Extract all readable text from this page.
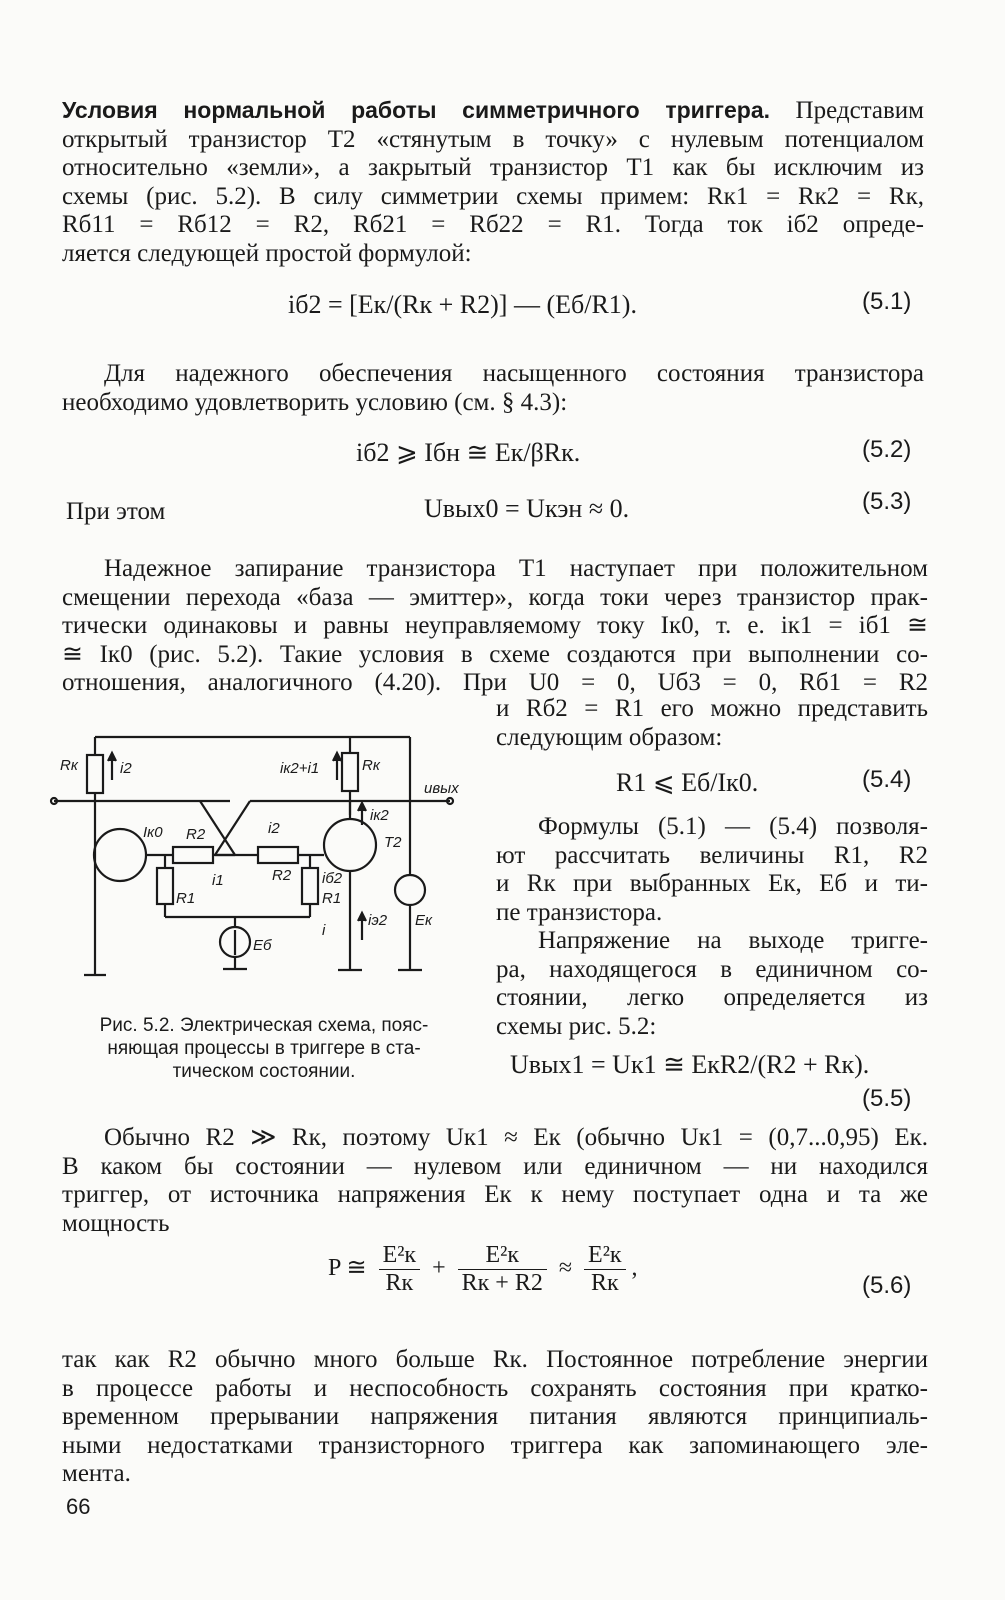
Условия нормальной работы симметричного триггера. Представим

открытый транзистор Т2 «стянутым в точку» с нулевым потенциалом

относительно «земли», а закрытый транзистор Т1 как бы исключим из

схемы (рис. 5.2). В силу симметрии схемы примем: Rк1 = Rк2 = Rк,

Rб11 = Rб12 = R2, Rб21 = Rб22 = R1. Тогда ток iб2 опреде-

ляется следующей простой формулой:

iб2 = [Eк/(Rк + R2)] — (Eб/R1).	(5.1)

Для надежного обеспечения насыщенного состояния транзистора

необходимо удовлетворить условию (см. § 4.3):

iб2 ⩾ Iбн ≅ Eк/βRк.	(5.2)
При этом	Uвых0 = Uкэн ≈ 0.	(5.3)

Надежное запирание транзистора Т1 наступает при положительном

смещении перехода «база — эмиттер», когда токи через транзистор прак-

тически одинаковы и равны неуправляемому току Iк0, т. е. iк1 = iб1 ≅

≅ Iк0 (рис. 5.2). Такие условия в схеме создаются при выполнении со-

отношения, аналогичного (4.20). При U0 = 0, Uб3 = 0, Rб1 = R2

и Rб2 = R1 его можно представить

следующим образом:

R1 ⩽ Eб/Iк0.	(5.4)

Формулы (5.1) — (5.4) позволя-

ют рассчитать величины R1, R2

и Rк при выбранных Eк, Eб и ти-

пе транзистора.

Напряжение на выходе тригге-

ра, находящегося в единичном со-

стоянии, легко определяется из

схемы рис. 5.2:

Uвых1 = Uк1 ≅ EкR2/(R2 + Rк).
(5.5)
Rк	i2	iк2+i1	Rк
uвых
Iк0 R2	i2
iк2
T2
i1	R2 iб2
R1	R1
i
iэ2 Eк
Eб
Рис. 5.2. Электрическая схема, пояс-
няющая процессы в триггере в ста-
тическом состоянии.

Обычно R2 ≫ Rк, поэтому Uк1 ≈ Eк (обычно Uк1 = (0,7...0,95) Eк.

В каком бы состоянии — нулевом или единичном — ни находился

триггер, от источника напряжения Eк к нему поступает одна и та же

мощность

P ≅ $\frac{\text{E²к}}{Rк} + \frac{\text{E²к}}{Rк + R2} \approx \frac{\text{E²к}}{Rк}$ ,
(5.6)

так как R2 обычно много больше Rк. Постоянное потребление энергии

в процессе работы и неспособность сохранять состояния при кратко-

временном прерывании напряжения питания являются принципиаль-

ными недостатками транзисторного триггера как запоминающего эле-

мента.

66
